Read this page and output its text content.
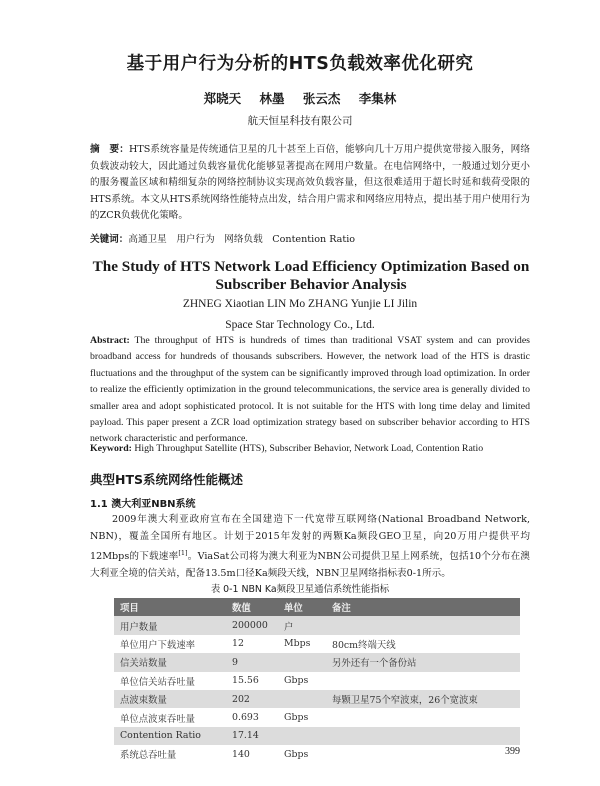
基于用户行为分析的HTS负载效率优化研究
郑晓天 林墨 张云杰 李集林
航天恒星科技有限公司
摘　要：HTS系统容量是传统通信卫星的几十甚至上百倍，能够向几十万用户提供宽带接入服务，网络负载波动较大，因此通过负载容量优化能够显著提高在网用户数量。在电信网络中，一般通过划分更小的服务覆盖区域和精细复杂的网络控制协议实现高效负载容量，但这很难适用于超长时延和载荷受限的HTS系统。本文从HTS系统网络性能特点出发，结合用户需求和网络应用特点，提出基于用户使用行为的ZCR负载优化策略。
关键词：高通卫星　用户行为　网络负载　Contention Ratio
The Study of HTS Network Load Efficiency Optimization Based on Subscriber Behavior Analysis
ZHNEG Xiaotian LIN Mo ZHANG Yunjie LI Jilin
Space Star Technology Co., Ltd.
Abstract: The throughput of HTS is hundreds of times than traditional VSAT system and can provides broadband access for hundreds of thousands subscribers. However, the network load of the HTS is drastic fluctuations and the throughput of the system can be significantly improved through load optimization. In order to realize the efficiently optimization in the ground telecommunications, the service area is generally divided to smaller area and adopt sophisticated protocol. It is not suitable for the HTS with long time delay and limited payload. This paper present a ZCR load optimization strategy based on subscriber behavior according to HTS network characteristic and performance.
Keyword: High Throughput Satellite (HTS), Subscriber Behavior, Network Load, Contention Ratio
典型HTS系统网络性能概述
1.1 澳大利亚NBN系统
2009年澳大利亚政府宣布在全国建造下一代宽带互联网络(National Broadband Network, NBN)，覆盖全国所有地区。计划于2015年发射的两颗Ka频段GEO卫星，向20万用户提供平均12Mbps的下载速率[1]。ViaSat公司将为澳大利亚为NBN公司提供卫星上网系统，包括10个分布在澳大利亚全境的信关站，配备13.5m口径Ka频段天线，NBN卫星网络指标表0-1所示。
表 0-1 NBN Ka频段卫星通信系统性能指标
项目	数值	单位	备注
用户数量	200000	户	
单位用户下载速率	12	Mbps	80cm终端天线
信关站数量	9		另外还有一个备份站
单位信关站吞吐量	15.56	Gbps	
点波束数量	202		每颗卫星75个窄波束，26个宽波束
单位点波束吞吐量	0.693	Gbps	
Contention Ratio	17.14		
系统总吞吐量	140	Gbps		399
